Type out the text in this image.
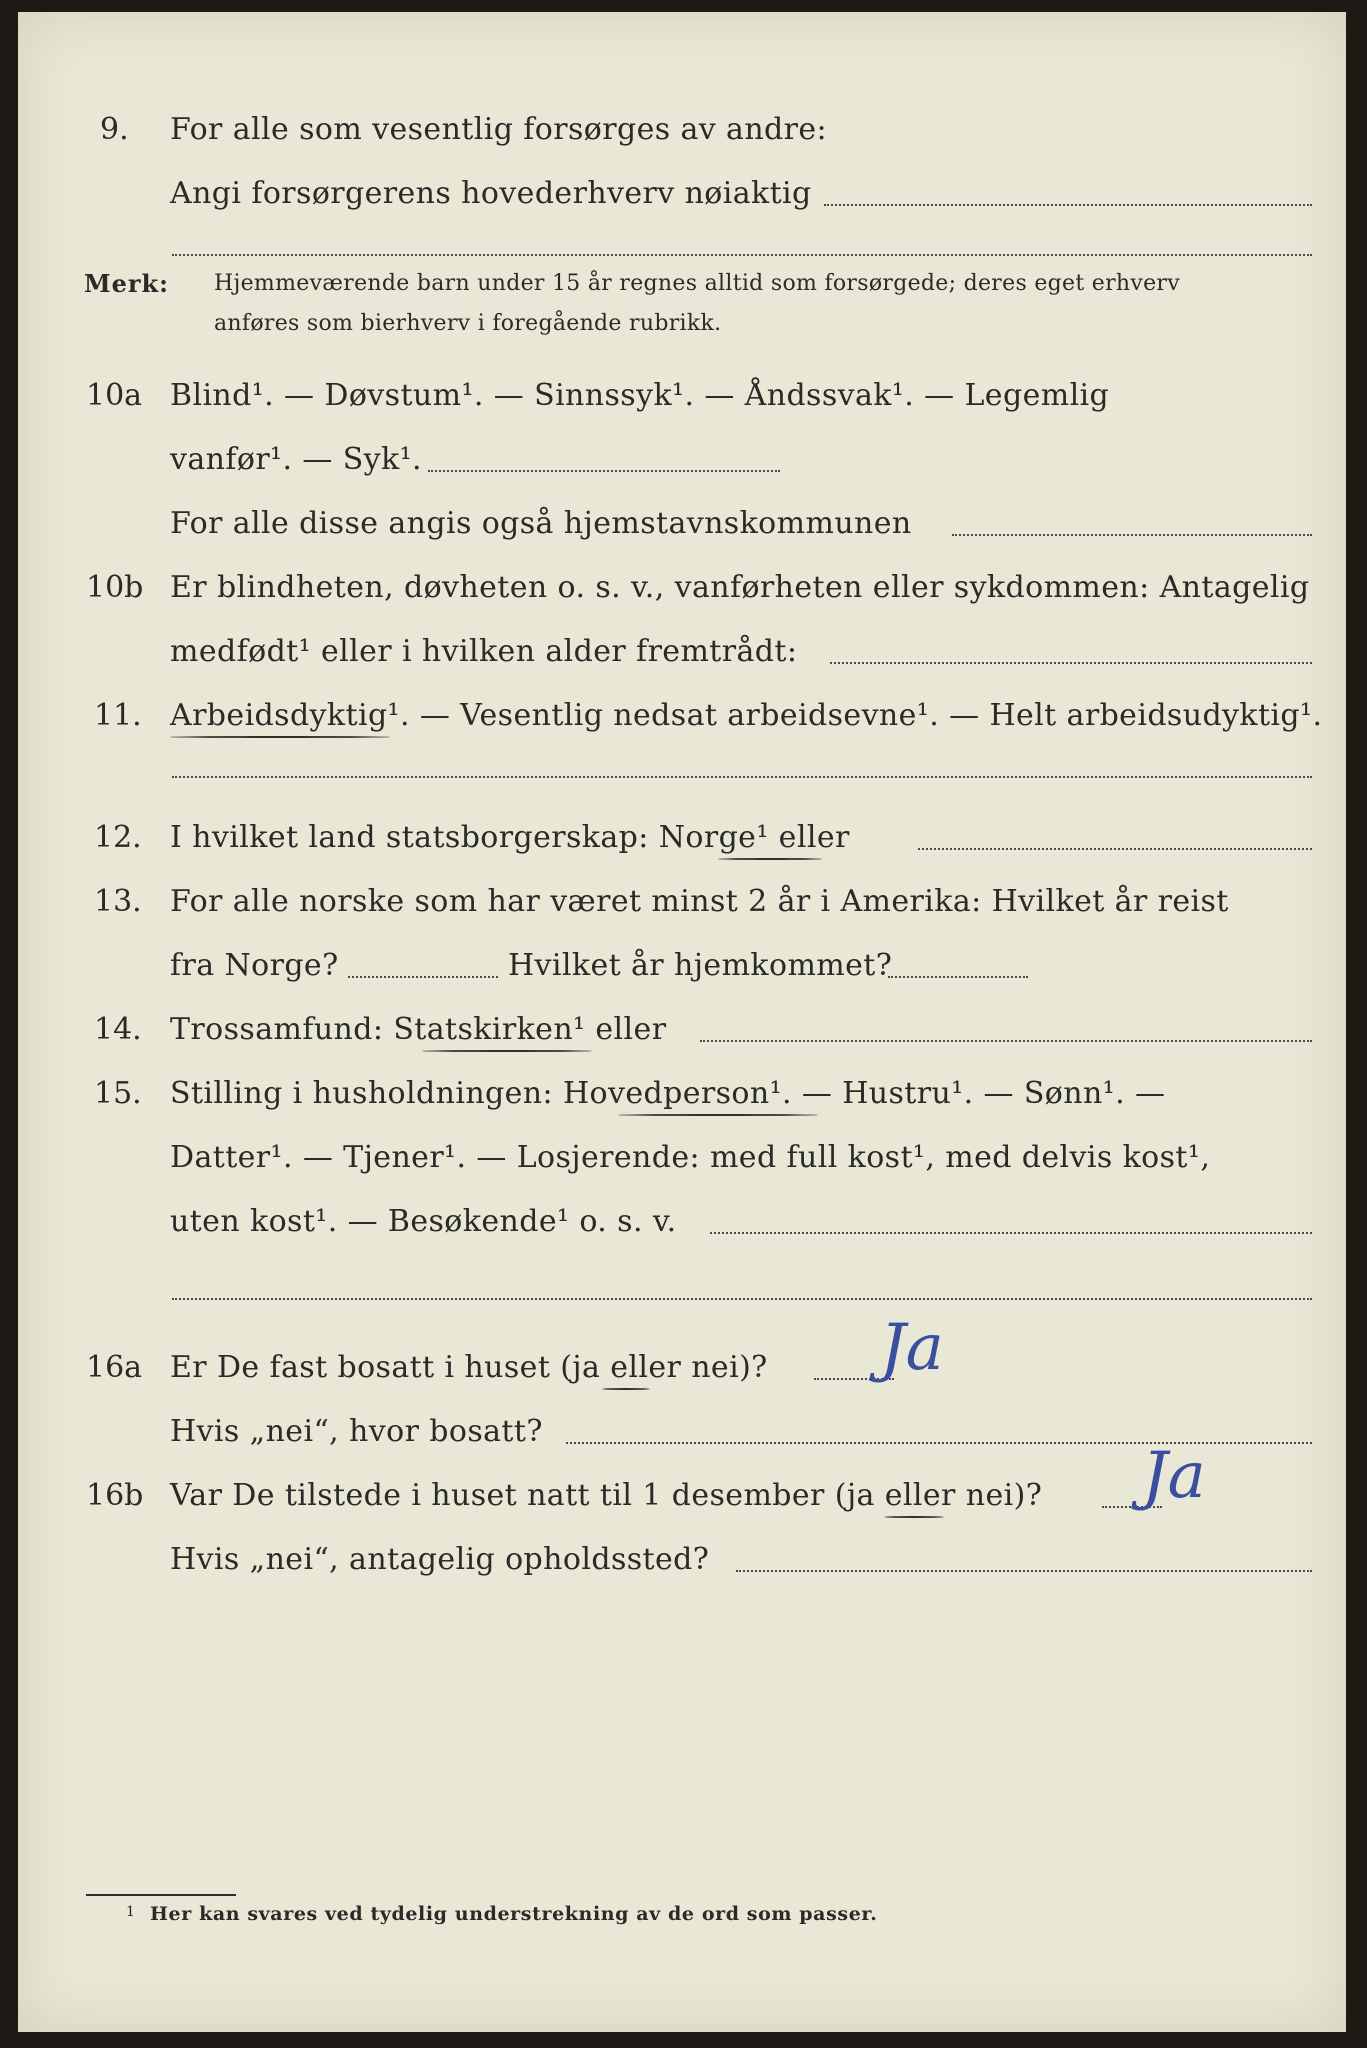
9. For alle som vesentlig forsørges av andre:
Angi forsørgerens hovederhverv nøiaktig
Merk: Hjemmeværende barn under 15 år regnes alltid som forsørgede; deres eget erhverv
anføres som bierhverv i foregående rubrikk.
10a Blind¹. — Døvstum¹. — Sinnssyk¹. — Åndssvak¹. — Legemlig
vanfør¹. — Syk¹.
For alle disse angis også hjemstavnskommunen
10b Er blindheten, døvheten o. s. v., vanførheten eller sykdommen: Antagelig
medfødt¹ eller i hvilken alder fremtrådt:
11. Arbeidsdyktig¹. — Vesentlig nedsat arbeidsevne¹. — Helt arbeidsudyktig¹.
12. I hvilket land statsborgerskap: Norge¹ eller
13. For alle norske som har været minst 2 år i Amerika: Hvilket år reist
fra Norge?	Hvilket år hjemkommet?
14. Trossamfund: Statskirken¹ eller
15. Stilling i husholdningen: Hovedperson¹. — Hustru¹. — Sønn¹. —
Datter¹. — Tjener¹. — Losjerende: med full kost¹, med delvis kost¹,
uten kost¹. — Besøkende¹ o. s. v.
16a Er De fast bosatt i huset (ja eller nei)? Ja
Hvis „nei“, hvor bosatt?
16b Var De tilstede i huset natt til 1 desember (ja eller nei)? Ja
Hvis „nei“, antagelig opholdssted?
1 Her kan svares ved tydelig understrekning av de ord som passer.
